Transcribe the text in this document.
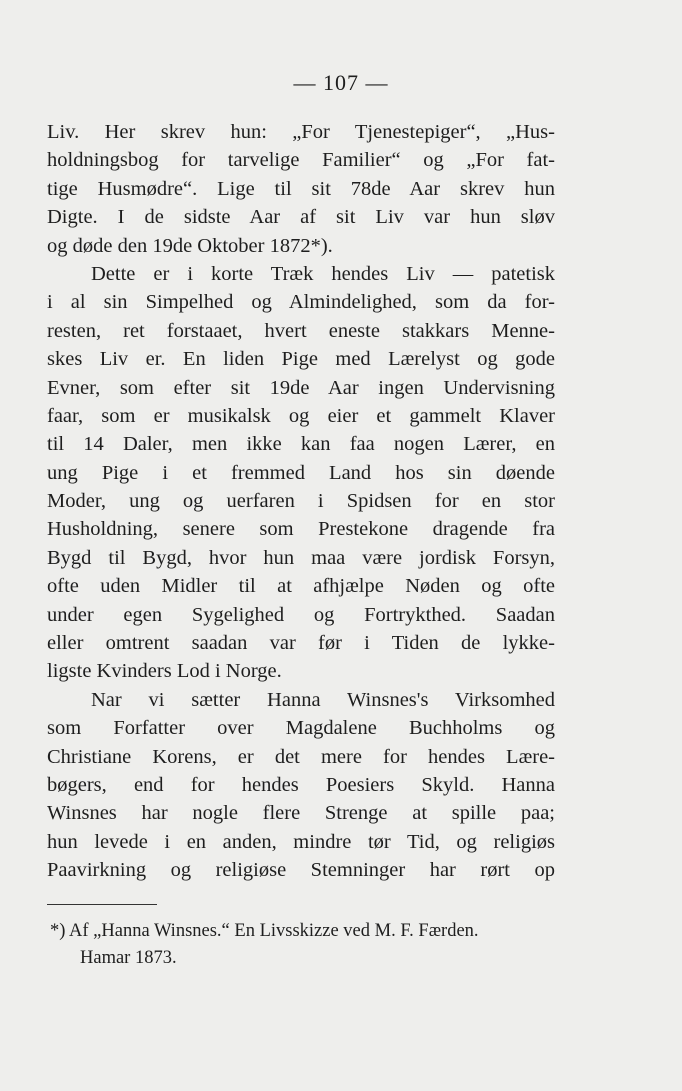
— 107 —
Liv. Her skrev hun: „For Tjenestepiger“, „Hus-
holdningsbog for tarvelige Familier“ og „For fat-
tige Husmødre“. Lige til sit 78de Aar skrev hun
Digte. I de sidste Aar af sit Liv var hun sløv
og døde den 19de Oktober 1872*).
Dette er i korte Træk hendes Liv — patetisk
i al sin Simpelhed og Almindelighed, som da for-
resten, ret forstaaet, hvert eneste stakkars Menne-
skes Liv er. En liden Pige med Lærelyst og gode
Evner, som efter sit 19de Aar ingen Undervisning
faar, som er musikalsk og eier et gammelt Klaver
til 14 Daler, men ikke kan faa nogen Lærer, en
ung Pige i et fremmed Land hos sin døende
Moder, ung og uerfaren i Spidsen for en stor
Husholdning, senere som Prestekone dragende fra
Bygd til Bygd, hvor hun maa være jordisk Forsyn,
ofte uden Midler til at afhjælpe Nøden og ofte
under egen Sygelighed og Fortrykthed. Saadan
eller omtrent saadan var før i Tiden de lykke-
ligste Kvinders Lod i Norge.
Nar vi sætter Hanna Winsnes's Virksomhed
som Forfatter over Magdalene Buchholms og
Christiane Korens, er det mere for hendes Lære-
bøgers, end for hendes Poesiers Skyld. Hanna
Winsnes har nogle flere Strenge at spille paa;
hun levede i en anden, mindre tør Tid, og religiøs
Paavirkning og religiøse Stemninger har rørt op
*) Af „Hanna Winsnes.“ En Livsskizze ved M. F. Færden.
Hamar 1873.
